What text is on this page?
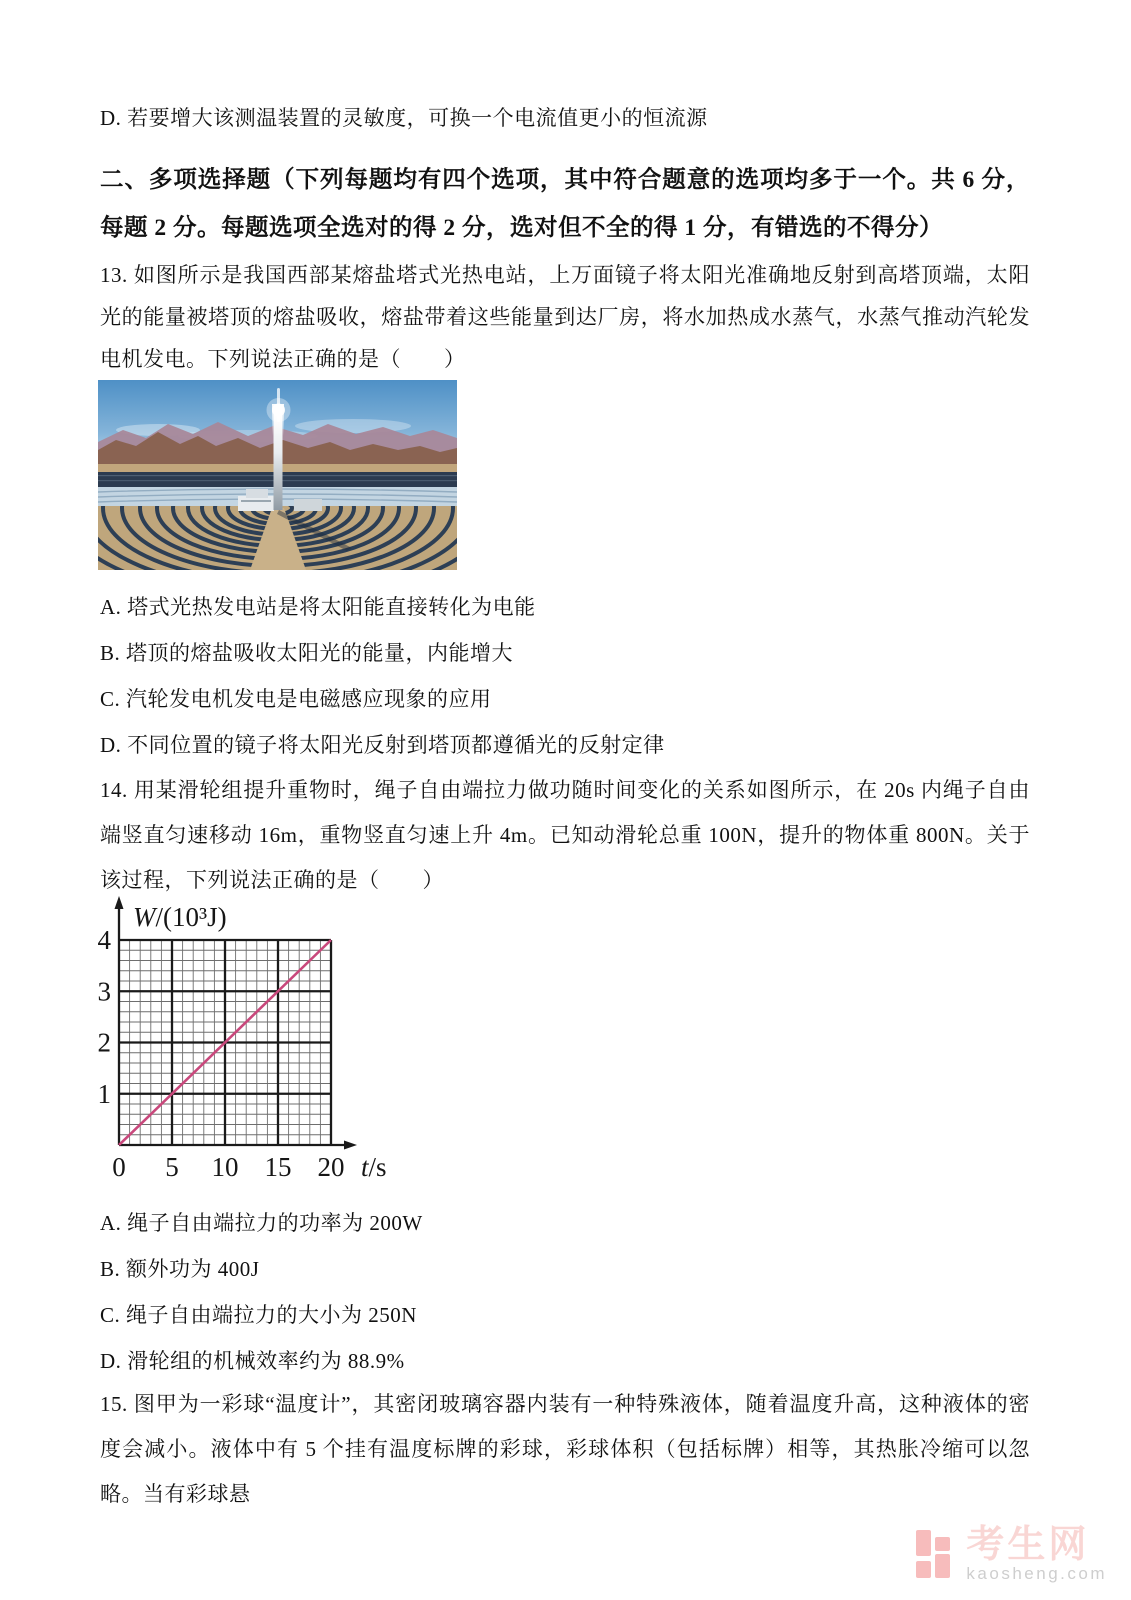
D. 若要增大该测温装置的灵敏度，可换一个电流值更小的恒流源

二、多项选择题（下列每题均有四个选项，其中符合题意的选项均多于一个。共 6 分，每题 2 分。每题选项全选对的得 2 分，选对但不全的得 1 分，有错选的不得分）

13. 如图所示是我国西部某熔盐塔式光热电站，上万面镜子将太阳光准确地反射到高塔顶端，太阳光的能量被塔顶的熔盐吸收，熔盐带着这些能量到达厂房，将水加热成水蒸气，水蒸气推动汽轮发电机发电。下列说法正确的是（　　）

A. 塔式光热发电站是将太阳能直接转化为电能
B. 塔顶的熔盐吸收太阳光的能量，内能增大
C. 汽轮发电机发电是电磁感应现象的应用
D. 不同位置的镜子将太阳光反射到塔顶都遵循光的反射定律

14. 用某滑轮组提升重物时，绳子自由端拉力做功随时间变化的关系如图所示，在 20s 内绳子自由端竖直匀速移动 16m，重物竖直匀速上升 4m。已知动滑轮总重 100N，提升的物体重 800N。关于该过程，下列说法正确的是（　　）

0 5 10 15 20
1
2
3
4
W/(10³J)
t/s
A. 绳子自由端拉力的功率为 200W
B. 额外功为 400J
C. 绳子自由端拉力的大小为 250N
D. 滑轮组的机械效率约为 88.9%

15. 图甲为一彩球“温度计”，其密闭玻璃容器内装有一种特殊液体，随着温度升高，这种液体的密度会减小。液体中有 5 个挂有温度标牌的彩球，彩球体积（包括标牌）相等，其热胀冷缩可以忽略。当有彩球悬

考生网
kaosheng.com
